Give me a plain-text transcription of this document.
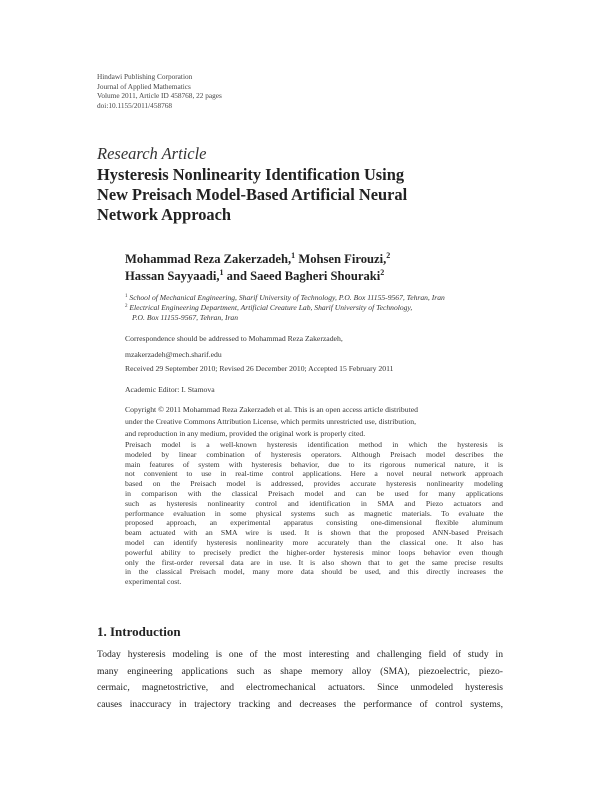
Hindawi Publishing Corporation
Journal of Applied Mathematics
Volume 2011, Article ID 458768, 22 pages
doi:10.1155/2011/458768
Research Article
Hysteresis Nonlinearity Identification Using
New Preisach Model-Based Artificial Neural
Network Approach
Mohammad Reza Zakerzadeh,$^1$ Mohsen Firouzi,$^2$
Hassan Sayyaadi,$^1$ and Saeed Bagheri Shouraki$^2$
$^1$ School of Mechanical Engineering, Sharif University of Technology, P.O. Box 11155-9567, Tehran, Iran
$^2$ Electrical Engineering Department, Artificial Creature Lab, Sharif University of Technology,
P.O. Box 11155-9567, Tehran, Iran
Correspondence should be addressed to Mohammad Reza Zakerzadeh,
mzakerzadeh@mech.sharif.edu
Received 29 September 2010; Revised 26 December 2010; Accepted 15 February 2011
Academic Editor: I. Stamova
Copyright © 2011 Mohammad Reza Zakerzadeh et al. This is an open access article distributed
under the Creative Commons Attribution License, which permits unrestricted use, distribution,
and reproduction in any medium, provided the original work is properly cited.
Preisach model is a well-known hysteresis identification method in which the hysteresis is
modeled by linear combination of hysteresis operators. Although Preisach model describes the
main features of system with hysteresis behavior, due to its rigorous numerical nature, it is
not convenient to use in real-time control applications. Here a novel neural network approach
based on the Preisach model is addressed, provides accurate hysteresis nonlinearity modeling
in comparison with the classical Preisach model and can be used for many applications
such as hysteresis nonlinearity control and identification in SMA and Piezo actuators and
performance evaluation in some physical systems such as magnetic materials. To evaluate the
proposed approach, an experimental apparatus consisting one-dimensional flexible aluminum
beam actuated with an SMA wire is used. It is shown that the proposed ANN-based Preisach
model can identify hysteresis nonlinearity more accurately than the classical one. It also has
powerful ability to precisely predict the higher-order hysteresis minor loops behavior even though
only the first-order reversal data are in use. It is also shown that to get the same precise results
in the classical Preisach model, many more data should be used, and this directly increases the
experimental cost.
1. Introduction
Today hysteresis modeling is one of the most interesting and challenging field of study in
many engineering applications such as shape memory alloy (SMA), piezoelectric, piezo-
cermaic, magnetostrictive, and electromechanical actuators. Since unmodeled hysteresis
causes inaccuracy in trajectory tracking and decreases the performance of control systems,
